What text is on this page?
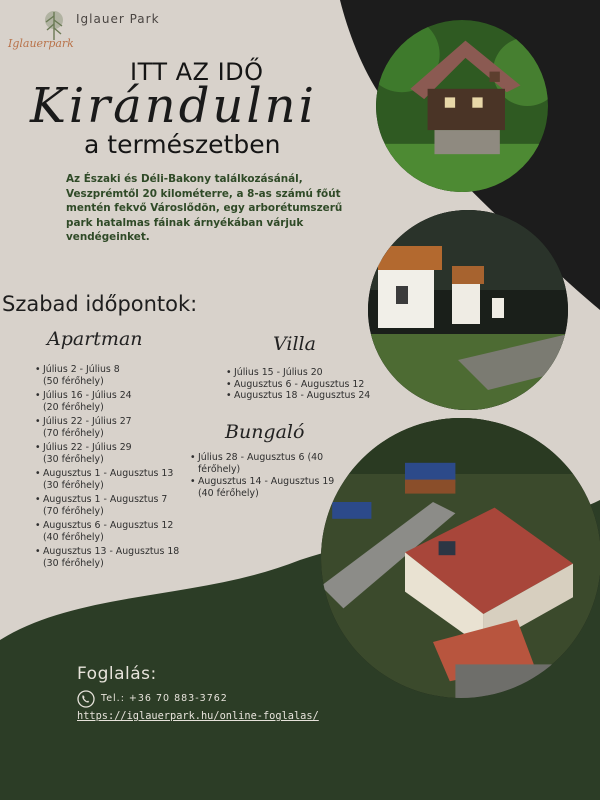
Iglauer Park
Iglauerpark
ITT AZ IDŐ
Kirándulni
a természetben
Az Északi és Déli-Bakony találkozásánál, Veszprémtől 20 kilométerre, a 8-as számú főút mentén fekvő Városlődön, egy arborétumszerű park hatalmas fáinak árnyékában várjuk vendégeinket.
Szabad időpontok:
Apartman
• Július 2 - Július 8
(50 férőhely)
• Július 16 - Július 24
(20 férőhely)
• Július 22 - Július 27
(70 férőhely)
• Július 22 - Július 29
(30 férőhely)
• Augusztus 1 - Augusztus 13
(30 férőhely)
• Augusztus 1 - Augusztus 7
(70 férőhely)
• Augusztus 6 - Augusztus 12
(40 férőhely)
• Augusztus 13 - Augusztus 18
(30 férőhely)
Villa
• Július 15 - Július 20
• Augusztus 6 - Augusztus 12
• Augusztus 18 - Augusztus 24
Bungaló
• Július 28 - Augusztus 6 (40 férőhely)
• Augusztus 14 - Augusztus 19 (40 férőhely)
Foglalás:
Tel.: +36 70 883-3762
https://iglauerpark.hu/online-foglalas/
